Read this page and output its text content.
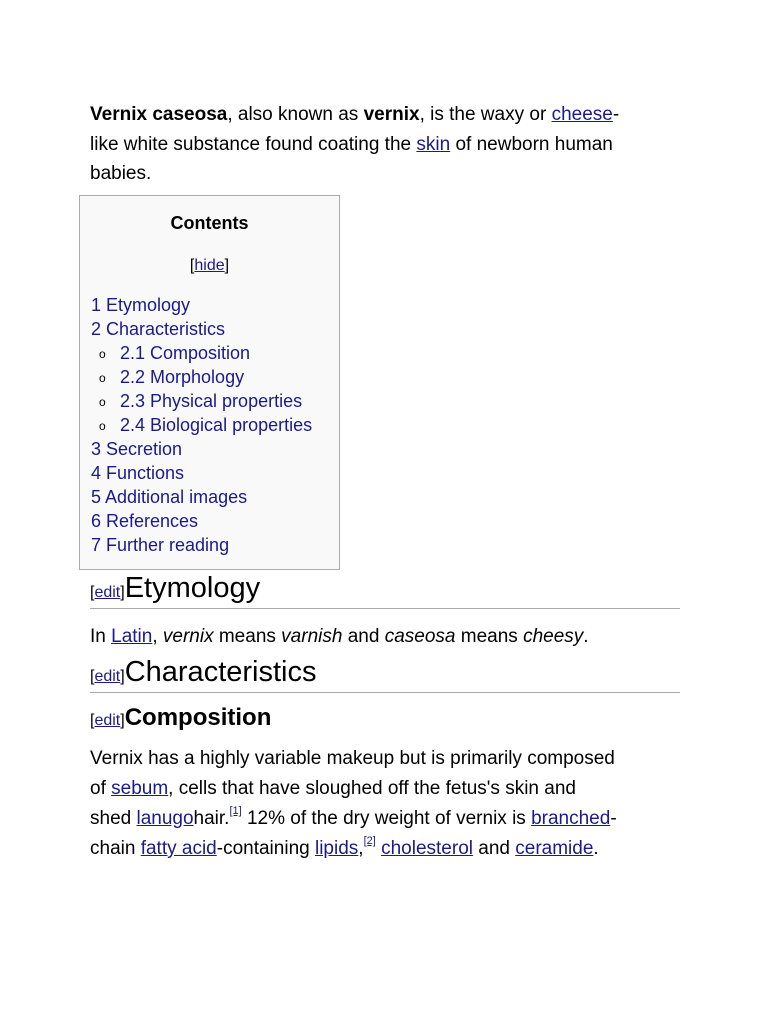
Vernix caseosa, also known as vernix, is the waxy or cheese-
like white substance found coating the skin of newborn human
babies.
Contents
[hide]
1 Etymology
2 Characteristics
o 2.1 Composition
o 2.2 Morphology
o 2.3 Physical properties
o 2.4 Biological properties
3 Secretion
4 Functions
5 Additional images
6 References
7 Further reading
[edit]Etymology
In Latin, vernix means varnish and caseosa means cheesy.
[edit]Characteristics
[edit]Composition
Vernix has a highly variable makeup but is primarily composed
of sebum, cells that have sloughed off the fetus's skin and
shed lanugohair.[1] 12% of the dry weight of vernix is branched-
chain fatty acid-containing lipids,[2] cholesterol and ceramide.
